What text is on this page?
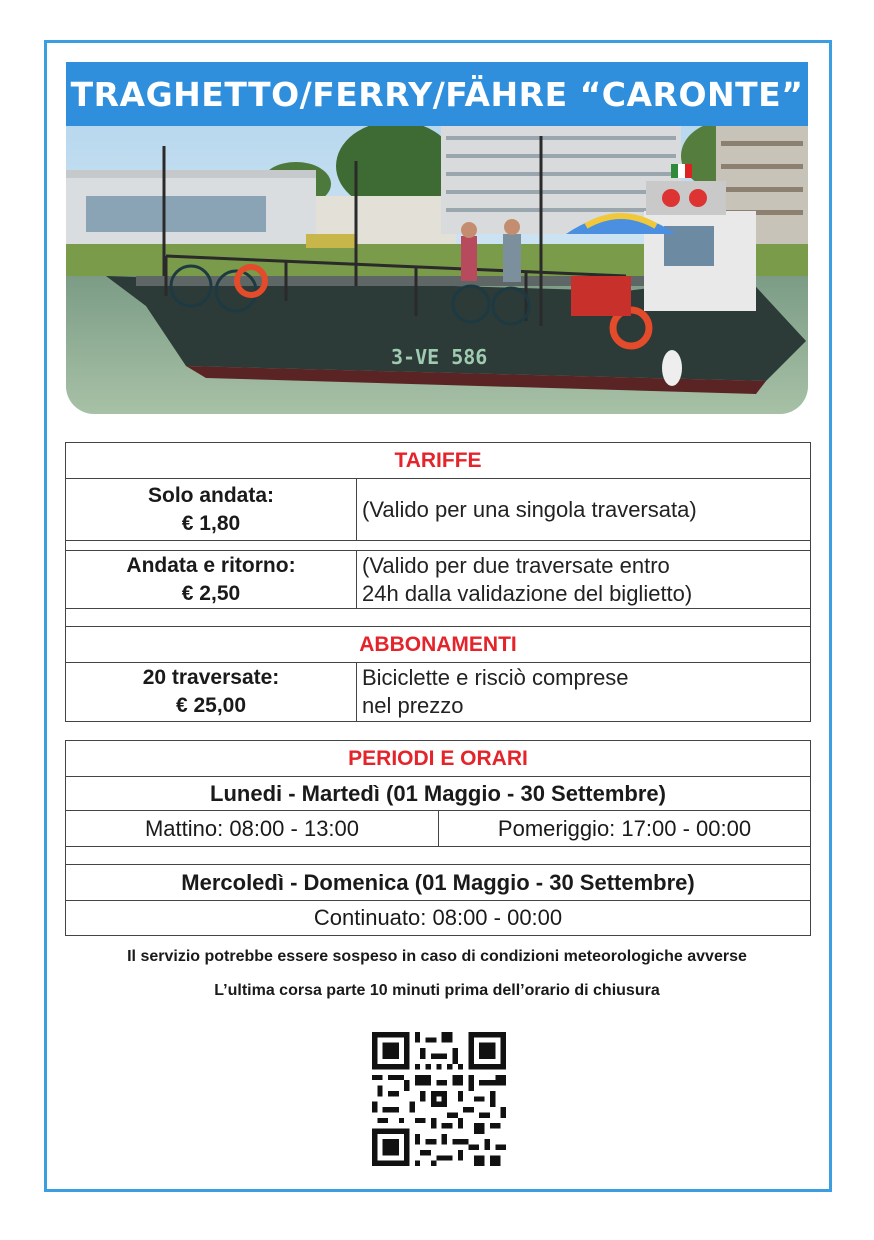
TRAGHETTO/FERRY/FÄHRE “CARONTE”
3-VE 586
TARIFFE
Solo andata:
€ 1,80
(Valido per una singola traversata)
Andata e ritorno:
€ 2,50
(Valido per due traversate entro
24h dalla validazione del biglietto)
ABBONAMENTI
20 traversate:
€ 25,00
Biciclette e risciò comprese
nel prezzo
PERIODI E ORARI
Lunedi - Martedì (01 Maggio - 30 Settembre)
Mattino: 08:00 - 13:00	Pomeriggio: 17:00 - 00:00
Mercoledì - Domenica (01 Maggio - 30 Settembre)
Continuato: 08:00 - 00:00
Il servizio potrebbe essere sospeso in caso di condizioni meteorologiche avverse
L’ultima corsa parte 10 minuti prima dell’orario di chiusura
